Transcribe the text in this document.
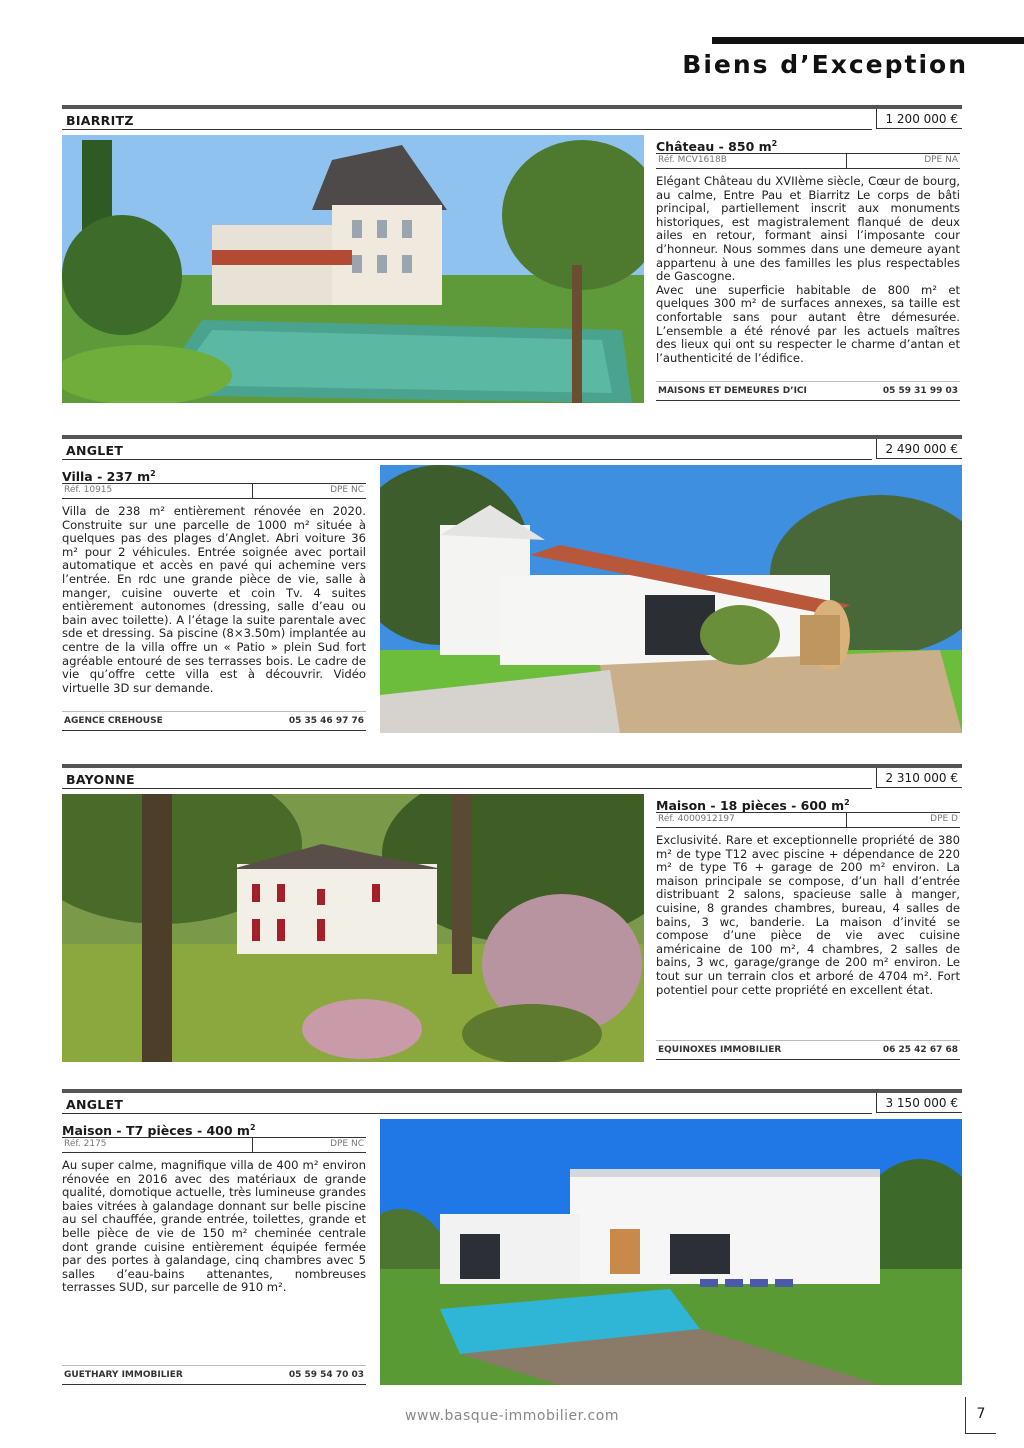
Biens d’Exception
BIARRITZ	1 200 000 €
Château - 850 $m^2$
Réf. MCV1618B	DPE NA

Elégant Château du XVIIème siècle, Cœur de bourg, au calme, Entre Pau et Biarritz Le corps de bâti principal, partiellement inscrit aux monuments historiques, est magistralement flanqué de deux ailes en retour, formant ainsi l’imposante cour d’honneur. Nous sommes dans une demeure ayant appartenu à une des familles les plus respectables de Gascogne.

Avec une superficie habitable de 800 m² et quelques 300 m² de surfaces annexes, sa taille est confortable sans pour autant être démesurée. L’ensemble a été rénové par les actuels maîtres des lieux qui ont su respecter le charme d’antan et l’authenticité de l’édifice.

MAISONS ET DEMEURES D’ICI	05 59 31 99 03
ANGLET	2 490 000 €
Villa - 237 $m^2$
Réf. 10915	DPE NC

Villa de 238 m² entièrement rénovée en 2020. Construite sur une parcelle de 1000 m² située à quelques pas des plages d’Anglet. Abri voiture 36 m² pour 2 véhicules. Entrée soignée avec portail automatique et accès en pavé qui achemine vers l’entrée. En rdc une grande pièce de vie, salle à manger, cuisine ouverte et coin Tv. 4 suites entièrement autonomes (dressing, salle d’eau ou bain avec toilette). A l’étage la suite parentale avec sde et dressing. Sa piscine (8×3.50m) implantée au centre de la villa offre un « Patio » plein Sud fort agréable entouré de ses terrasses bois. Le cadre de vie qu’offre cette villa est à découvrir. Vidéo virtuelle 3D sur demande.

AGENCE CREHOUSE	05 35 46 97 76
BAYONNE	2 310 000 €
Maison - 18 pièces - 600 $m^2$
Réf. 4000912197	DPE D

Exclusivité. Rare et exceptionnelle propriété de 380 m² de type T12 avec piscine + dépendance de 220 m² de type T6 + garage de 200 m² environ. La maison principale se compose, d’un hall d’entrée distribuant 2 salons, spacieuse salle à manger, cuisine, 8 grandes chambres, bureau, 4 salles de bains, 3 wc, banderie. La maison d’invité se compose d’une pièce de vie avec cuisine américaine de 100 m², 4 chambres, 2 salles de bains, 3 wc, garage/grange de 200 m² environ. Le tout sur un terrain clos et arboré de 4704 m². Fort potentiel pour cette propriété en excellent état.

EQUINOXES IMMOBILIER	06 25 42 67 68
ANGLET	3 150 000 €
Maison - T7 pièces - 400 $m^2$
Réf. 2175	DPE NC

Au super calme, magnifique villa de 400 m² environ rénovée en 2016 avec des matériaux de grande qualité, domotique actuelle, très lumineuse grandes baies vitrées à galandage donnant sur belle piscine au sel chauffée, grande entrée, toilettes, grande et belle pièce de vie de 150 m² cheminée centrale dont grande cuisine entièrement équipée fermée par des portes à galandage, cinq chambres avec 5 salles d’eau-bains attenantes, nombreuses terrasses SUD, sur parcelle de 910 m².

GUETHARY IMMOBILIER	05 59 54 70 03
www.basque-immobilier.com	7
